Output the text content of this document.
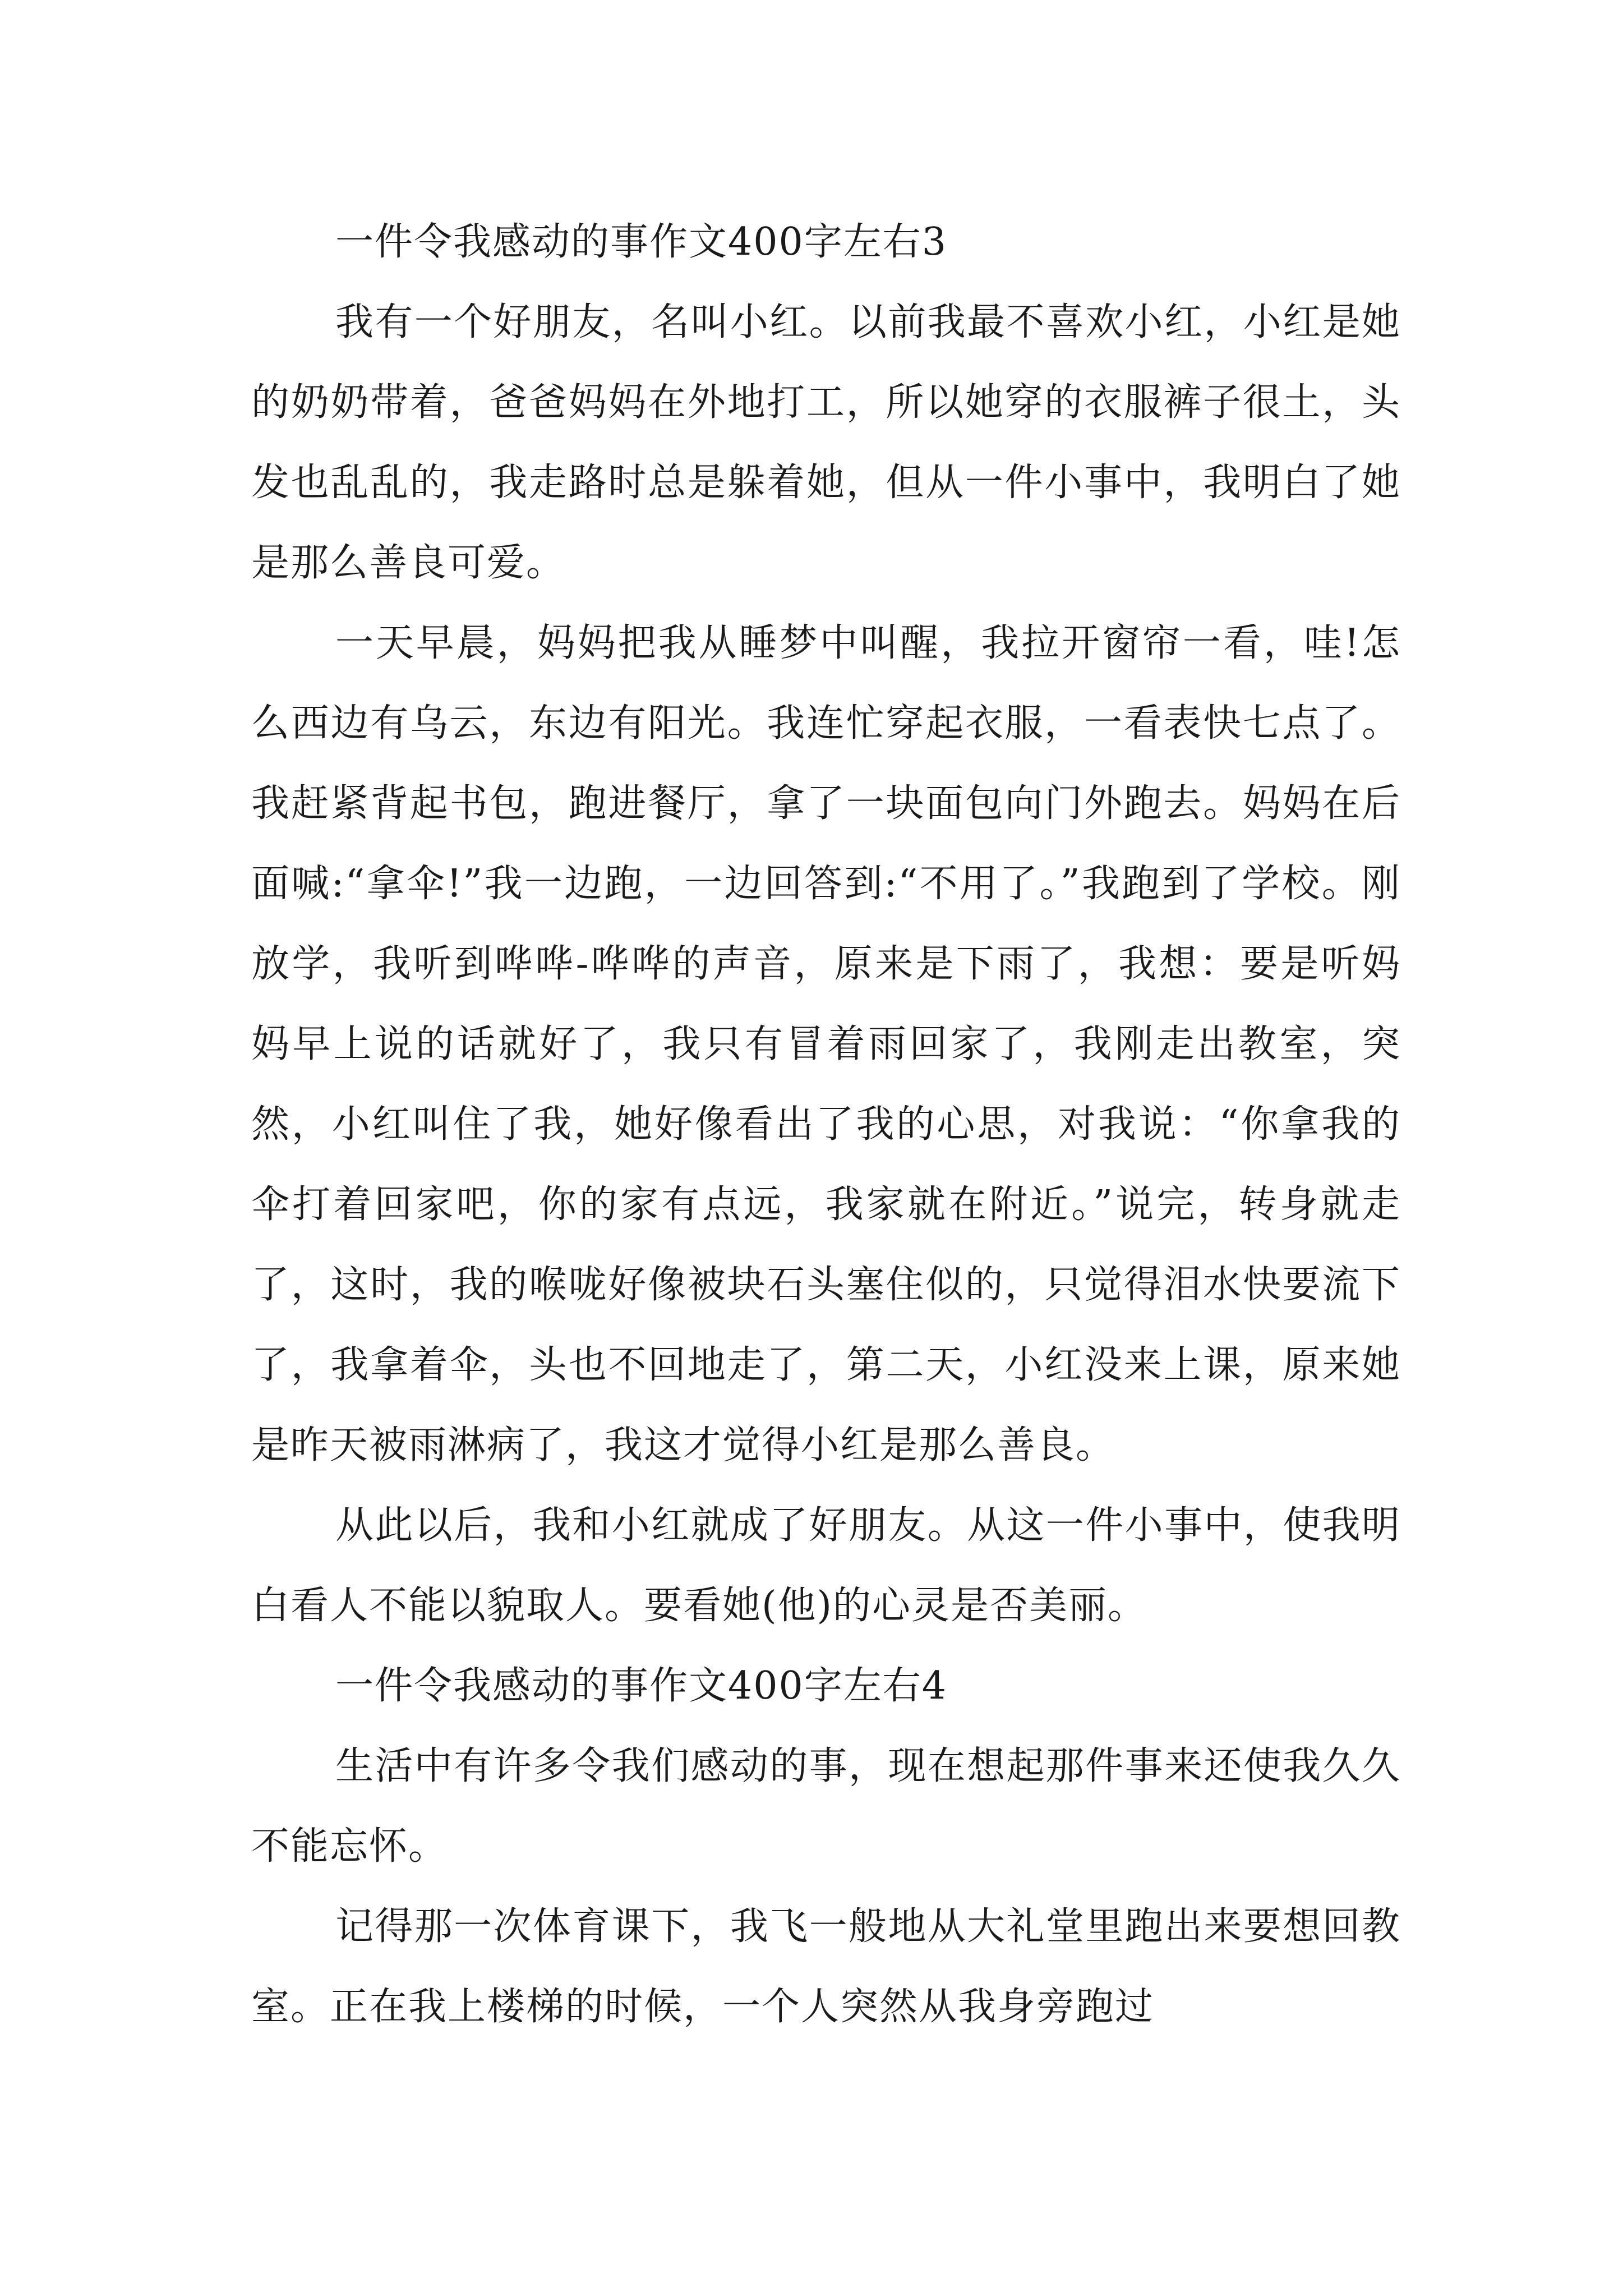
一件令我感动的事作文400字左右3

我有一个好朋友，名叫小红。以前我最不喜欢小红，小红是她的奶奶带着，爸爸妈妈在外地打工，所以她穿的衣服裤子很土，头发也乱乱的，我走路时总是躲着她，但从一件小事中，我明白了她是那么善良可爱。

一天早晨，妈妈把我从睡梦中叫醒，我拉开窗帘一看，哇!怎么西边有乌云，东边有阳光。我连忙穿起衣服，一看表快七点了。我赶紧背起书包，跑进餐厅，拿了一块面包向门外跑去。妈妈在后面喊:“拿伞!”我一边跑，一边回答到:“不用了。”我跑到了学校。刚放学，我听到哗哗-哗哗的声音，原来是下雨了，我想：要是听妈妈早上说的话就好了，我只有冒着雨回家了，我刚走出教室，突然，小红叫住了我，她好像看出了我的心思，对我说：“你拿我的伞打着回家吧，你的家有点远，我家就在附近。”说完，转身就走了，这时，我的喉咙好像被块石头塞住似的，只觉得泪水快要流下了，我拿着伞，头也不回地走了，第二天，小红没来上课，原来她是昨天被雨淋病了，我这才觉得小红是那么善良。

从此以后，我和小红就成了好朋友。从这一件小事中，使我明白看人不能以貌取人。要看她(他)的心灵是否美丽。

一件令我感动的事作文400字左右4

生活中有许多令我们感动的事，现在想起那件事来还使我久久不能忘怀。

记得那一次体育课下，我飞一般地从大礼堂里跑出来要想回教室。正在我上楼梯的时候，一个人突然从我身旁跑过
